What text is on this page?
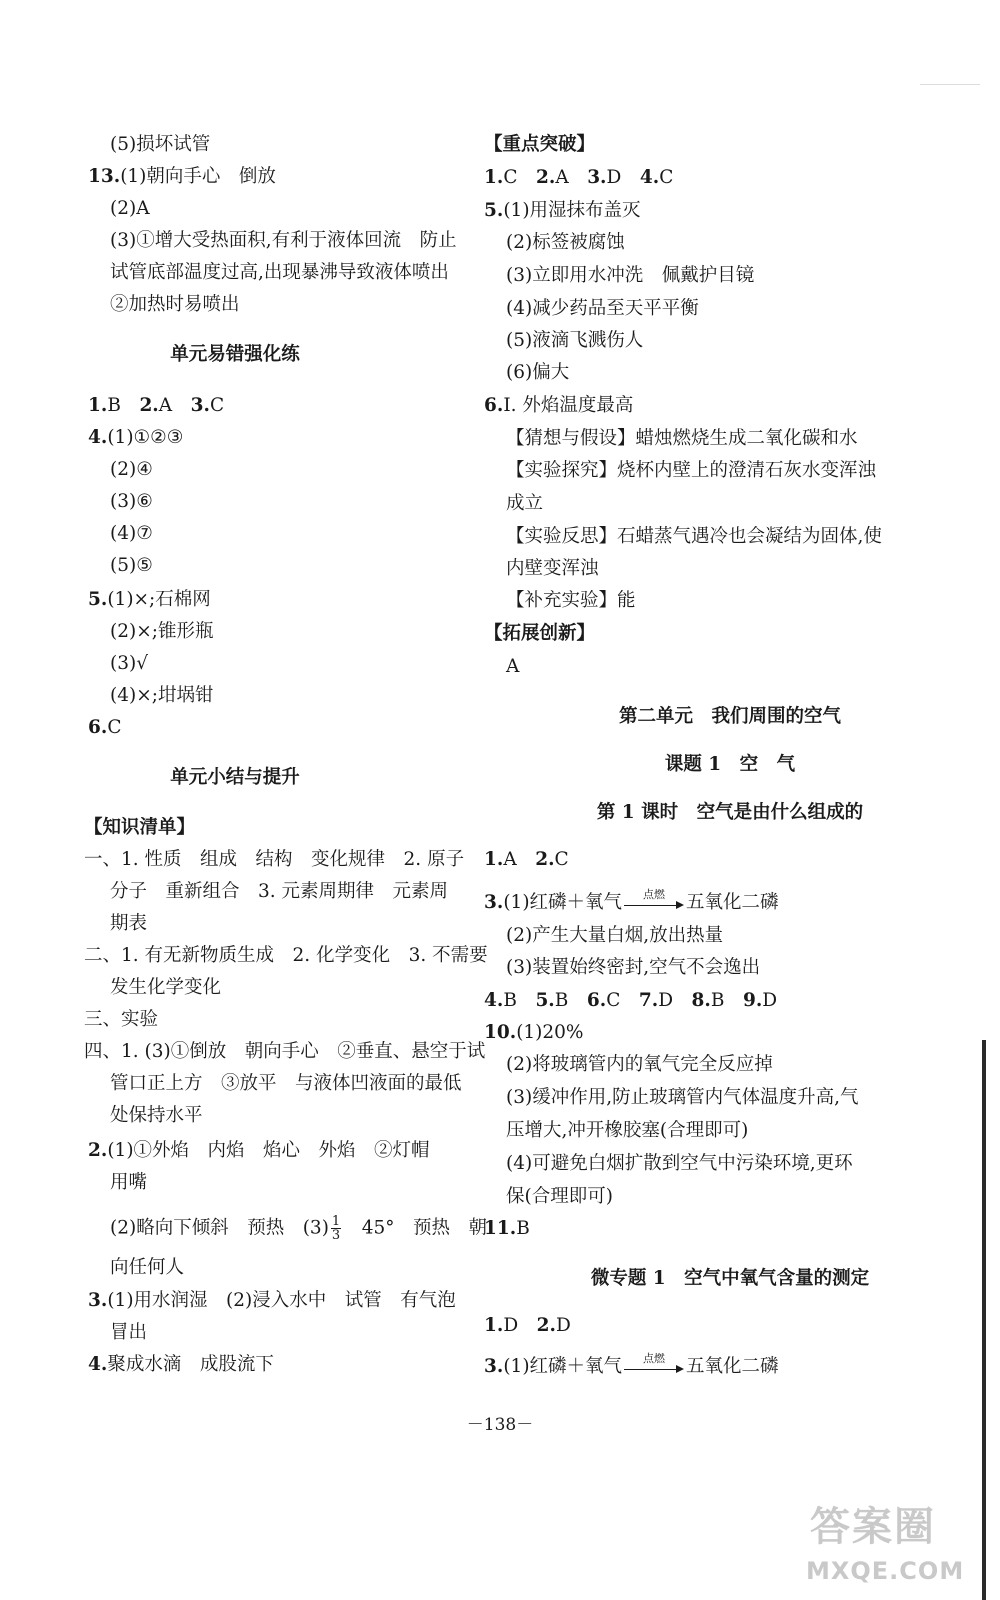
(5)损坏试管
13.(1)朝向手心　倒放
(2)A
(3)①增大受热面积,有利于液体回流　防止
试管底部温度过高,出现暴沸导致液体喷出
②加热时易喷出
单元易错强化练
1.B　2.A　3.C
4.(1)①②③
(2)④
(3)⑥
(4)⑦
(5)⑤
5.(1)×;石棉网
(2)×;锥形瓶
(3)√
(4)×;坩埚钳
6.C
单元小结与提升
【知识清单】
一、1. 性质　组成　结构　变化规律　2. 原子
分子　重新组合　3. 元素周期律　元素周
期表
二、1. 有无新物质生成　2. 化学变化　3. 不需要
发生化学变化
三、实验
四、1. (3)①倒放　朝向手心　②垂直、悬空于试
管口正上方　③放平　与液体凹液面的最低
处保持水平
2.(1)①外焰　内焰　焰心　外焰　②灯帽
用嘴
(2)略向下倾斜　预热　$(3) \frac{1}{3}$ 　45°　预热　朝
向任何人
3.(1)用水润湿　(2)浸入水中　试管　有气泡
冒出
4.聚成水滴　成股流下
【重点突破】
1.C　2.A　3.D　4.C
5.(1)用湿抹布盖灭
(2)标签被腐蚀
(3)立即用水冲洗　佩戴护目镜
(4)减少药品至天平平衡
(5)液滴飞溅伤人
(6)偏大
6.Ⅰ. 外焰温度最高
【猜想与假设】蜡烛燃烧生成二氧化碳和水
【实验探究】烧杯内壁上的澄清石灰水变浑浊
成立
【实验反思】石蜡蒸气遇冷也会凝结为固体,使
内壁变浑浊
【补充实验】能
【拓展创新】
A
第二单元　我们周围的空气
课题 1　空　气
第 1 课时　空气是由什么组成的
1.A　2.C
3.(1)红磷＋氧气	点燃	五氧化二磷
(2)产生大量白烟,放出热量
(3)装置始终密封,空气不会逸出
4.B　5.B　6.C　7.D　8.B　9.D
10.(1)20%
(2)将玻璃管内的氧气完全反应掉
(3)缓冲作用,防止玻璃管内气体温度升高,气
压增大,冲开橡胶塞(合理即可)
(4)可避免白烟扩散到空气中污染环境,更环
保(合理即可)
11.B
微专题 1　空气中氧气含量的测定
1.D　2.D
3.(1)红磷＋氧气	点燃	五氧化二磷
－138－
答案圈
MXQE.COM
